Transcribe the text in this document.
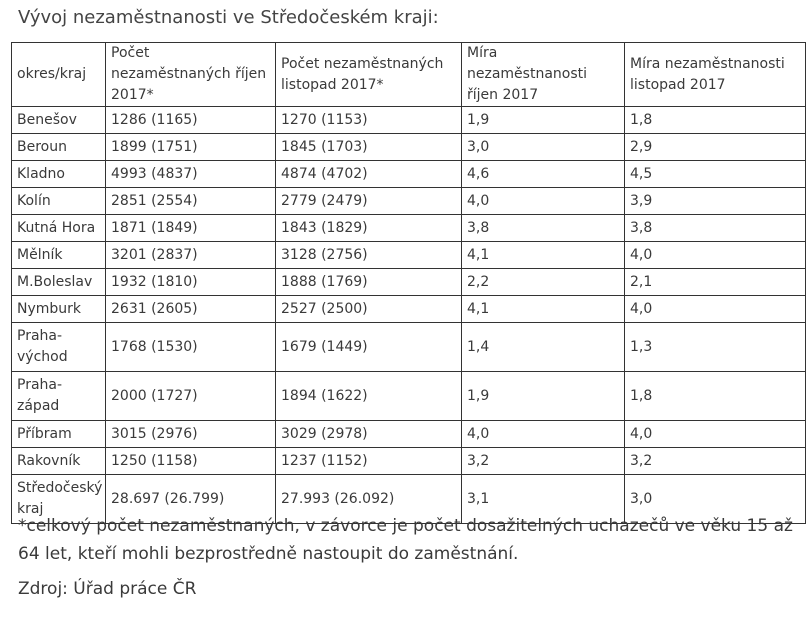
Vývoj nezaměstnanosti ve Středočeském kraji:
okres/kraj	Počet nezaměstnaných říjen 2017*	Počet nezaměstnaných listopad 2017*	Míra nezaměstnanosti říjen 2017	Míra nezaměstnanosti listopad 2017
Benešov	1286 (1165)	1270 (1153)	1,9	1,8
Beroun	1899 (1751)	1845 (1703)	3,0	2,9
Kladno	4993 (4837)	4874 (4702)	4,6	4,5
Kolín	2851 (2554)	2779 (2479)	4,0	3,9
Kutná Hora	1871 (1849)	1843 (1829)	3,8	3,8
Mělník	3201 (2837)	3128 (2756)	4,1	4,0
M.Boleslav	1932 (1810)	1888 (1769)	2,2	2,1
Nymburk	2631 (2605)	2527 (2500)	4,1	4,0
Praha-východ	1768 (1530)	1679 (1449)	1,4	1,3
Praha-západ	2000 (1727)	1894 (1622)	1,9	1,8
Příbram	3015 (2976)	3029 (2978)	4,0	4,0
Rakovník	1250 (1158)	1237 (1152)	3,2	3,2
Středočeský kraj	28.697 (26.799)	27.993 (26.092)	3,1	3,0
*celkový počet nezaměstnaných, v závorce je počet dosažitelných uchazečů ve věku 15 až 64 let, kteří mohli bezprostředně nastoupit do zaměstnání.
Zdroj: Úřad práce ČR
